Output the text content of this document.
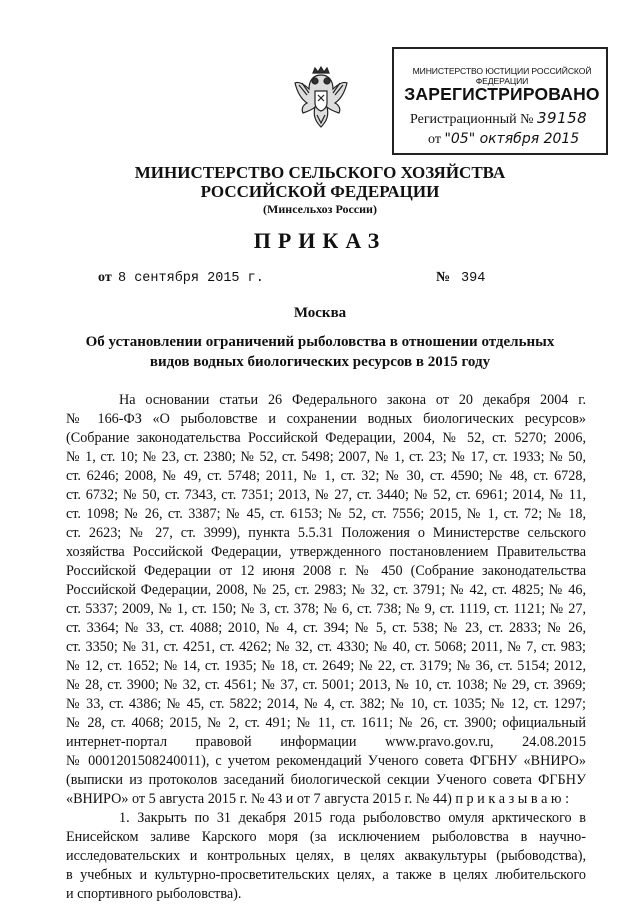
МИНИСТЕРСТВО ЮСТИЦИИ РОССИЙСКОЙ ФЕДЕРАЦИИ
ЗАРЕГИСТРИРОВАНО
Регистрационный № 39158
от "05" октября 2015
МИНИСТЕРСТВО СЕЛЬСКОГО ХОЗЯЙСТВА
РОССИЙСКОЙ ФЕДЕРАЦИИ
(Минсельхоз России)
ПРИКАЗ
от 8 сентября 2015 г.	№ 394
Москва
Об установлении ограничений рыболовства в отношении отдельных
видов водных биологических ресурсов в 2015 году
На основании статьи 26 Федерального закона от 20 декабря 2004 г.
№ 166-ФЗ «О рыболовстве и сохранении водных биологических ресурсов»
(Собрание законодательства Российской Федерации, 2004, № 52, ст. 5270; 2006,
№ 1, ст. 10; № 23, ст. 2380; № 52, ст. 5498; 2007, № 1, ст. 23; № 17, ст. 1933; № 50,
ст. 6246; 2008, № 49, ст. 5748; 2011, № 1, ст. 32; № 30, ст. 4590; № 48, ст. 6728,
ст. 6732; № 50, ст. 7343, ст. 7351; 2013, № 27, ст. 3440; № 52, ст. 6961; 2014, № 11,
ст. 1098; № 26, ст. 3387; № 45, ст. 6153; № 52, ст. 7556; 2015, № 1, ст. 72; № 18,
ст. 2623; № 27, ст. 3999), пункта 5.5.31 Положения о Министерстве сельского
хозяйства Российской Федерации, утвержденного постановлением Правительства
Российской Федерации от 12 июня 2008 г. № 450 (Собрание законодательства
Российской Федерации, 2008, № 25, ст. 2983; № 32, ст. 3791; № 42, ст. 4825; № 46,
ст. 5337; 2009, № 1, ст. 150; № 3, ст. 378; № 6, ст. 738; № 9, ст. 1119, ст. 1121; № 27,
ст. 3364; № 33, ст. 4088; 2010, № 4, ст. 394; № 5, ст. 538; № 23, ст. 2833; № 26,
ст. 3350; № 31, ст. 4251, ст. 4262; № 32, ст. 4330; № 40, ст. 5068; 2011, № 7, ст. 983;
№ 12, ст. 1652; № 14, ст. 1935; № 18, ст. 2649; № 22, ст. 3179; № 36, ст. 5154; 2012,
№ 28, ст. 3900; № 32, ст. 4561; № 37, ст. 5001; 2013, № 10, ст. 1038; № 29, ст. 3969;
№ 33, ст. 4386; № 45, ст. 5822; 2014, № 4, ст. 382; № 10, ст. 1035; № 12, ст. 1297;
№ 28, ст. 4068; 2015, № 2, ст. 491; № 11, ст. 1611; № 26, ст. 3900; официальный
интернет-портал правовой информации www.pravo.gov.ru, 24.08.2015
№ 0001201508240011), с учетом рекомендаций Ученого совета ФГБНУ «ВНИРО»
(выписки из протоколов заседаний биологической секции Ученого совета ФГБНУ
«ВНИРО» от 5 августа 2015 г. № 43 и от 7 августа 2015 г. № 44) п р и к а з ы в а ю :
1. Закрыть по 31 декабря 2015 года рыболовство омуля арктического в
Енисейском заливе Карского моря (за исключением рыболовства в научно-
исследовательских и контрольных целях, в целях аквакультуры (рыбоводства),
в учебных и культурно-просветительских целях, а также в целях любительского
и спортивного рыболовства).
